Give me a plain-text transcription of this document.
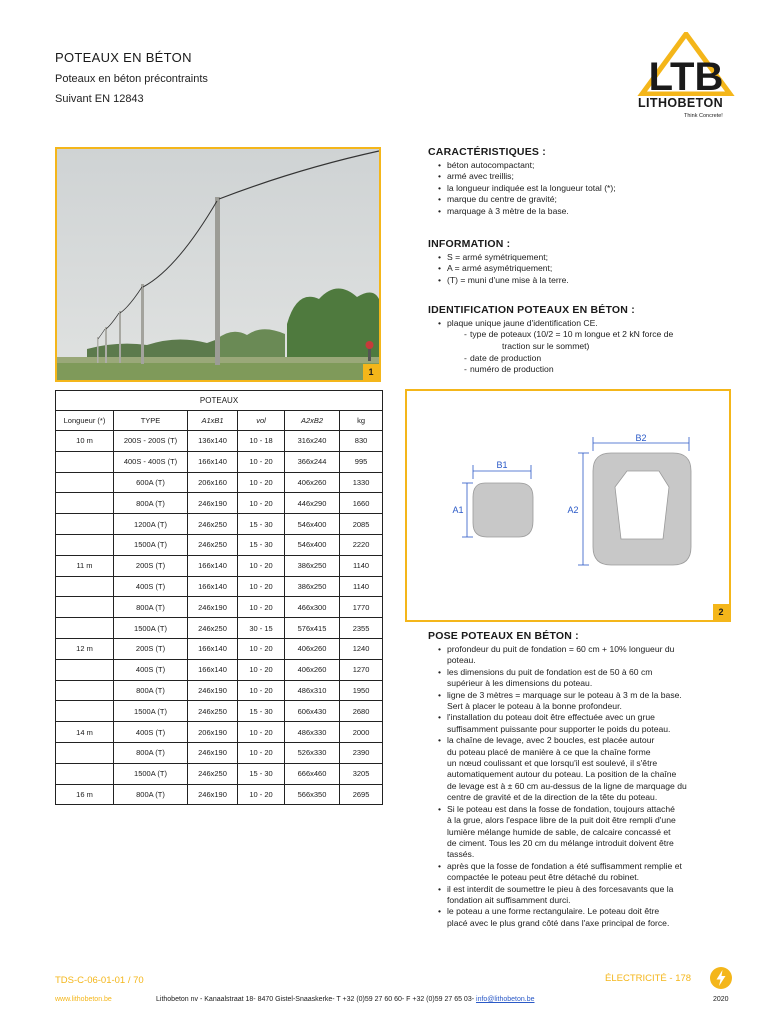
POTEAUX EN BÉTON
Poteaux en béton précontraints
Suivant EN 12843	LTB
LITHOBETON
Think Concrete!
1
POTEAUX					
Longueur (*)	TYPE	A1xB1	vol	A2xB2	kg
10 m	200S - 200S (T)	136x140	10 - 18	316x240	830
	400S - 400S (T)	166x140	10 - 20	366x244	995
	600A (T)	206x160	10 - 20	406x260	1330
	800A (T)	246x190	10 - 20	446x290	1660
	1200A (T)	246x250	15 - 30	546x400	2085
	1500A (T)	246x250	15 - 30	546x400	2220
11 m	200S (T)	166x140	10 - 20	386x250	1140
	400S (T)	166x140	10 - 20	386x250	1140
	800A (T)	246x190	10 - 20	466x300	1770
	1500A (T)	246x250	30 - 15	576x415	2355
12 m	200S (T)	166x140	10 - 20	406x260	1240
	400S (T)	166x140	10 - 20	406x260	1270
	800A (T)	246x190	10 - 20	486x310	1950
	1500A (T)	246x250	15 - 30	606x430	2680
14 m	400S (T)	206x190	10 - 20	486x330	2000
	800A (T)	246x190	10 - 20	526x330	2390
	1500A (T)	246x250	15 - 30	666x460	3205
16 m	800A (T)	246x190	10 - 20	566x350	2695
CARACTÉRISTIQUES :
• béton autocompactant;
• armé avec treillis;
• la longueur indiquée est la longueur total (*);
• marque du centre de gravité;
• marquage à 3 mètre de la base.
INFORMATION :
• S = armé symétriquement;
• A = armé asymétriquement;
• (T) = muni d'une mise à la terre.
IDENTIFICATION POTEAUX EN BÉTON :
• plaque unique jaune d'identification CE.
- type de poteaux (10/2 = 10 m longue et 2 kN force de
traction sur le sommet)
- date de production
- numéro de production
B1
A1
B2
A2
2
POSE POTEAUX EN BÉTON :
• profondeur du puit de fondation = 60 cm + 10% longueur du
poteau.
• les dimensions du puit de fondation est de 50 à 60 cm
supérieur à les dimensions du poteau.
• ligne de 3 mètres = marquage sur le poteau à 3 m de la base.
Sert à placer le poteau à la bonne profondeur.
• l'installation du poteau doit être effectuée avec un grue
suffisamment puissante pour supporter le poids du poteau.
• la chaîne de levage, avec 2 boucles, est placée autour
du poteau placé de manière à ce que la chaîne forme
un nœud coulissant et que lorsqu'il est soulevé, il s'être
automatiquement autour du poteau. La position de la chaîne
de levage est à ± 60 cm au-dessus de la ligne de marquage du
centre de gravité et de la direction de la tête du poteau.
• Si le poteau est dans la fosse de fondation, toujours attaché
à la grue, alors l'espace libre de la puit doit être rempli d'une
lumière mélange humide de sable, de calcaire concassé et
de ciment. Tous les 20 cm du mélange introduit doivent être
tassés.
• après que la fosse de fondation a été suffisamment remplie et
compactée le poteau peut être détaché du robinet.
• il est interdit de soumettre le pieu à des forcesavants que la
fondation ait suffisamment durci.
• le poteau a une forme rectangulaire. Le poteau doit être
placé avec le plus grand côté dans l'axe principal de force.
TDS-C-06-01-01 / 70	ÉLECTRICITÉ - 178
www.lithobeton.be	Lithobeton nv - Kanaalstraat 18- 8470 Gistel-Snaaskerke- T +32 (0)59 27 60 60- F +32 (0)59 27 65 03- info@lithobeton.be	2020
